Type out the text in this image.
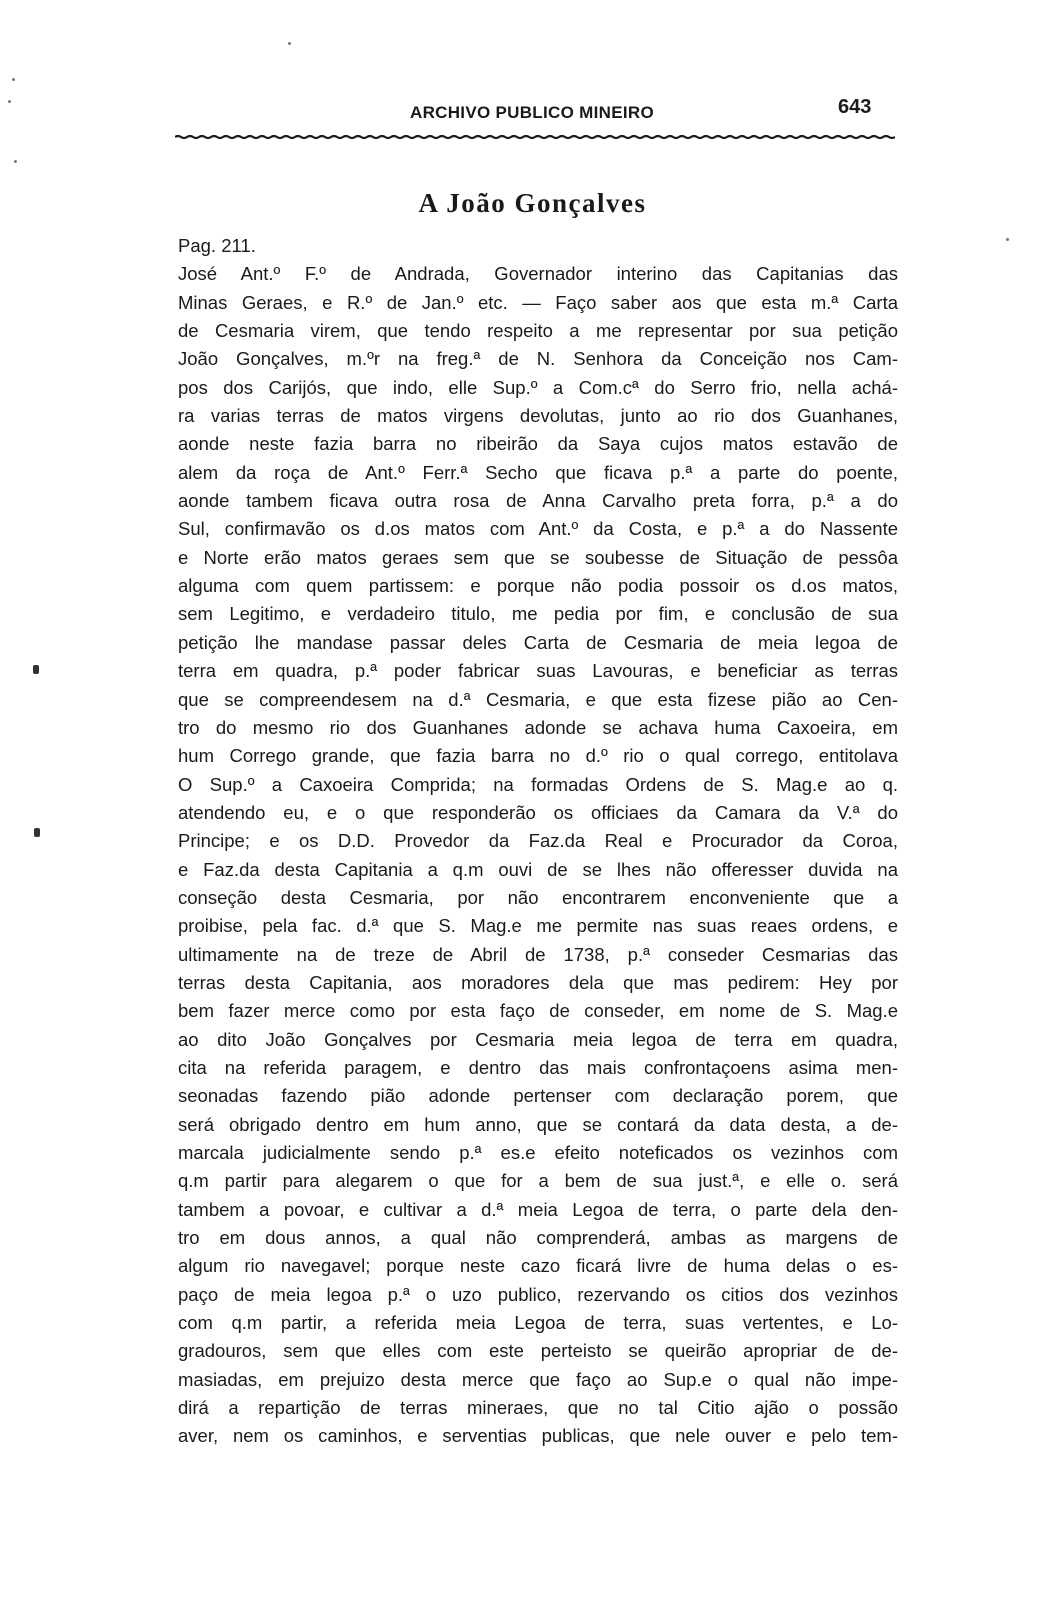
ARCHIVO PUBLICO MINEIRO	643
A João Gonçalves
Pag. 211.
José Ant.º F.º de Andrada, Governador interino das Capitanias das
Minas Geraes, e R.º de Jan.º etc. — Faço saber aos que esta m.ª Carta
de Cesmaria virem, que tendo respeito a me representar por sua petição
João Gonçalves, m.ºr na freg.ª de N. Senhora da Conceição nos Cam-
pos dos Carijós, que indo, elle Sup.º a Com.cª do Serro frio, nella achá-
ra varias terras de matos virgens devolutas, junto ao rio dos Guanhanes,
aonde neste fazia barra no ribeirão da Saya cujos matos estavão de
alem da roça de Ant.º Ferr.ª Secho que ficava p.ª a parte do poente,
aonde tambem ficava outra rosa de Anna Carvalho preta forra, p.ª a do
Sul, confirmavão os d.os matos com Ant.º da Costa, e p.ª a do Nassente
e Norte erão matos geraes sem que se soubesse de Situação de pessôa
alguma com quem partissem: e porque não podia possoir os d.os matos,
sem Legitimo, e verdadeiro titulo, me pedia por fim, e conclusão de sua
petição lhe mandase passar deles Carta de Cesmaria de meia legoa de
terra em quadra, p.ª poder fabricar suas Lavouras, e beneficiar as terras
que se compreendesem na d.ª Cesmaria, e que esta fizese pião ao Cen-
tro do mesmo rio dos Guanhanes adonde se achava huma Caxoeira, em
hum Corrego grande, que fazia barra no d.º rio o qual corrego, entitolava
O Sup.º a Caxoeira Comprida; na formadas Ordens de S. Mag.e ao q.
atendendo eu, e o que responderão os officiaes da Camara da V.ª do
Principe; e os D.D. Provedor da Faz.da Real e Procurador da Coroa,
e Faz.da desta Capitania a q.m ouvi de se lhes não offeresser duvida na
conseção desta Cesmaria, por não encontrarem enconveniente que a
proibise, pela fac. d.ª que S. Mag.e me permite nas suas reaes ordens, e
ultimamente na de treze de Abril de 1738, p.ª conseder Cesmarias das
terras desta Capitania, aos moradores dela que mas pedirem: Hey por
bem fazer merce como por esta faço de conseder, em nome de S. Mag.e
ao dito João Gonçalves por Cesmaria meia legoa de terra em quadra,
cita na referida paragem, e dentro das mais confrontaçoens asima men-
seonadas fazendo pião adonde pertenser com declaração porem, que
será obrigado dentro em hum anno, que se contará da data desta, a de-
marcala judicialmente sendo p.ª es.e efeito noteficados os vezinhos com
q.m partir para alegarem o que for a bem de sua just.ª, e elle o. será
tambem a povoar, e cultivar a d.ª meia Legoa de terra, o parte dela den-
tro em dous annos, a qual não comprenderá, ambas as margens de
algum rio navegavel; porque neste cazo ficará livre de huma delas o es-
paço de meia legoa p.ª o uzo publico, rezervando os citios dos vezinhos
com q.m partir, a referida meia Legoa de terra, suas vertentes, e Lo-
gradouros, sem que elles com este perteisto se queirão apropriar de de-
masiadas, em prejuizo desta merce que faço ao Sup.e o qual não impe-
dirá a repartição de terras mineraes, que no tal Citio ajão o possão
aver, nem os caminhos, e serventias publicas, que nele ouver e pelo tem-
